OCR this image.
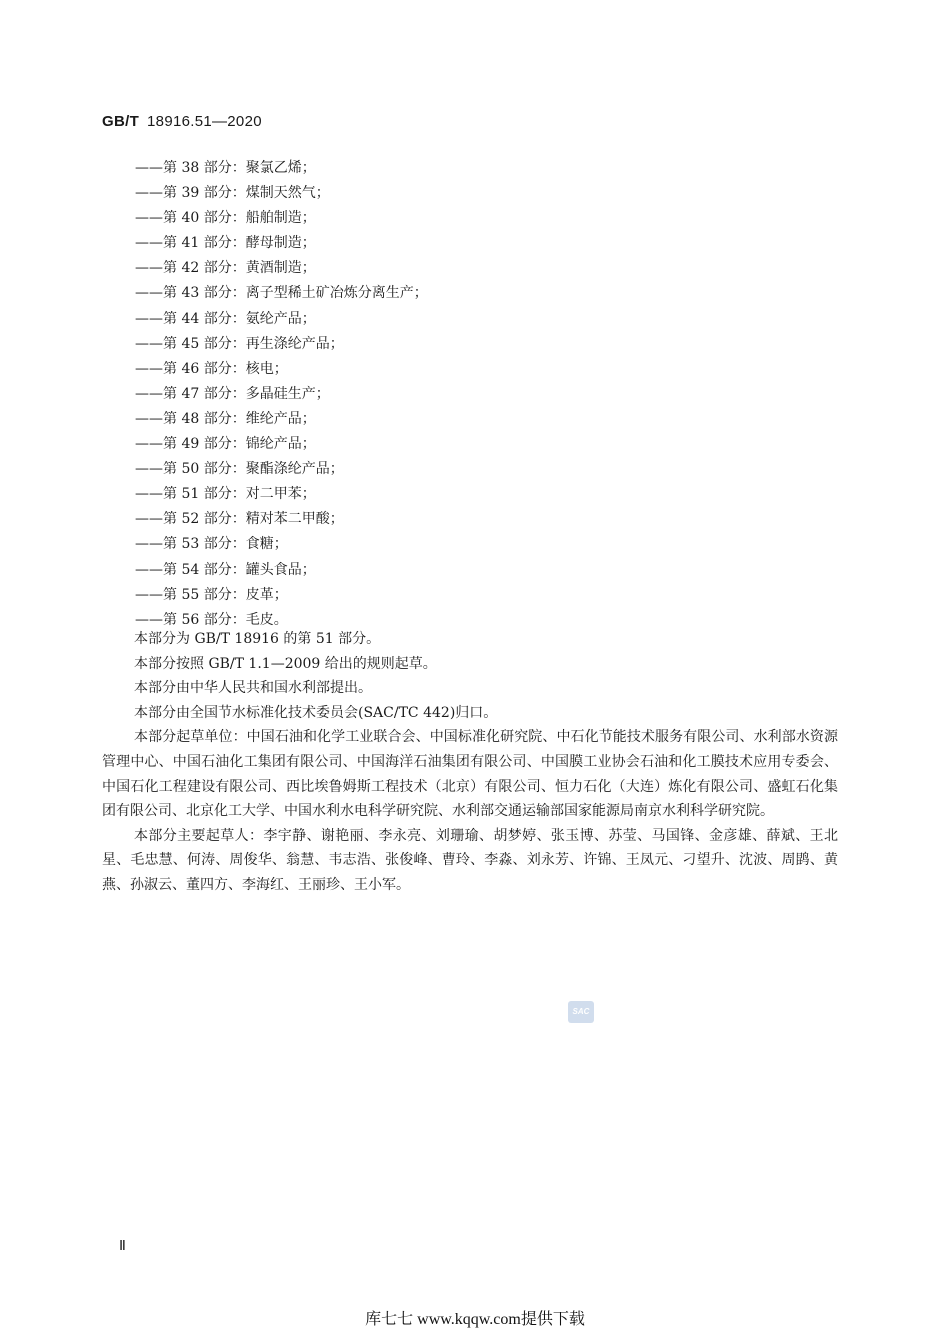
GB/T 18916.51—2020
——第 38 部分：聚氯乙烯；
——第 39 部分：煤制天然气；
——第 40 部分：船舶制造；
——第 41 部分：酵母制造；
——第 42 部分：黄酒制造；
——第 43 部分：离子型稀土矿冶炼分离生产；
——第 44 部分：氨纶产品；
——第 45 部分：再生涤纶产品；
——第 46 部分：核电；
——第 47 部分：多晶硅生产；
——第 48 部分：维纶产品；
——第 49 部分：锦纶产品；
——第 50 部分：聚酯涤纶产品；
——第 51 部分：对二甲苯；
——第 52 部分：精对苯二甲酸；
——第 53 部分：食糖；
——第 54 部分：罐头食品；
——第 55 部分：皮革；
——第 56 部分：毛皮。

本部分为 GB/T 18916 的第 51 部分。

本部分按照 GB/T 1.1—2009 给出的规则起草。

本部分由中华人民共和国水利部提出。

本部分由全国节水标准化技术委员会(SAC/TC 442)归口。

本部分起草单位：中国石油和化学工业联合会、中国标准化研究院、中石化节能技术服务有限公司、水利部水资源管理中心、中国石油化工集团有限公司、中国海洋石油集团有限公司、中国膜工业协会石油和化工膜技术应用专委会、中国石化工程建设有限公司、西比埃鲁姆斯工程技术（北京）有限公司、恒力石化（大连）炼化有限公司、盛虹石化集团有限公司、北京化工大学、中国水利水电科学研究院、水利部交通运输部国家能源局南京水利科学研究院。

本部分主要起草人：李宇静、谢艳丽、李永亮、刘珊瑜、胡梦婷、张玉博、苏莹、马国锋、金彦雄、薛斌、王北星、毛忠慧、何涛、周俊华、翁慧、韦志浩、张俊峰、曹玲、李淼、刘永芳、许锦、王凤元、刁望升、沈波、周鹍、黄燕、孙淑云、董四方、李海红、王丽珍、王小军。

SAC
Ⅱ
库七七 www.kqqw.com提供下载
